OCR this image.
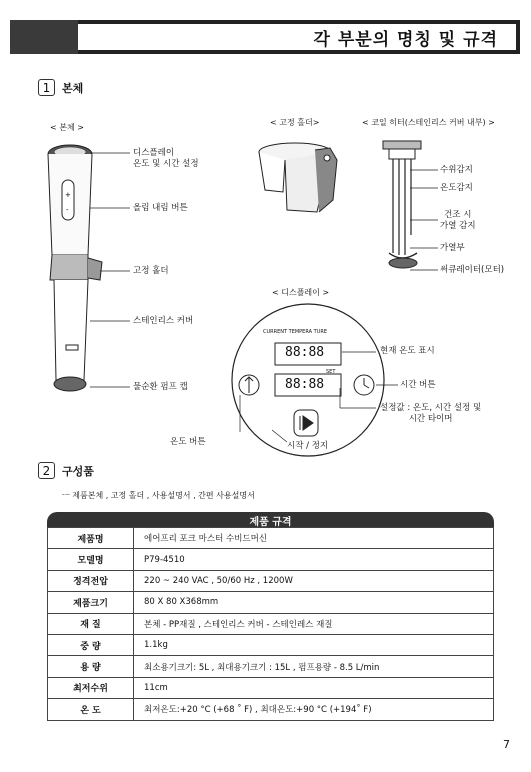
각 부분의 명칭 및 규격
1	본체
< 본체 >
+
-
디스플레이
온도 및 시간 설정
올림 내림 버튼
고정 홀더
스테인리스 커버
물순환 펌프 캡
< 고정 홀더>	< 코일 히터(스테인리스 커버 내부) >
수위감지
온도감지
건조 시
가열 감지
가열부
써큐레이터(모터)
< 디스플레이 >
CURRENT TEMPERA TURE
88:88
SET
88:88
현재 온도 표시
시간 버튼
설정값 : 온도, 시간 설정 및
시간 타이머
온도 버튼	시작 / 정지
2	구성품
ㅡ 제품본체 , 고정 홀더 , 사용설명서 , 간편 사용설명서
제품 규격
제품명	에어프리 포크 마스터 수비드머신
모델명	P79-4510
정격전압	220 ~ 240 VAC , 50/60 Hz , 1200W
제품크기	80 X 80 X368mm
재 질	본체 - PP재질 , 스테인리스 커버 - 스테인레스 재질
중 량	1.1kg
용 량	최소용기크기: 5L , 최대용기크기 : 15L , 펌프용량 - 8.5 L/min
최저수위	11cm
온 도	최저온도:+20 °C (+68 ˚ F) , 최대온도:+90 °C (+194˚ F)
7
